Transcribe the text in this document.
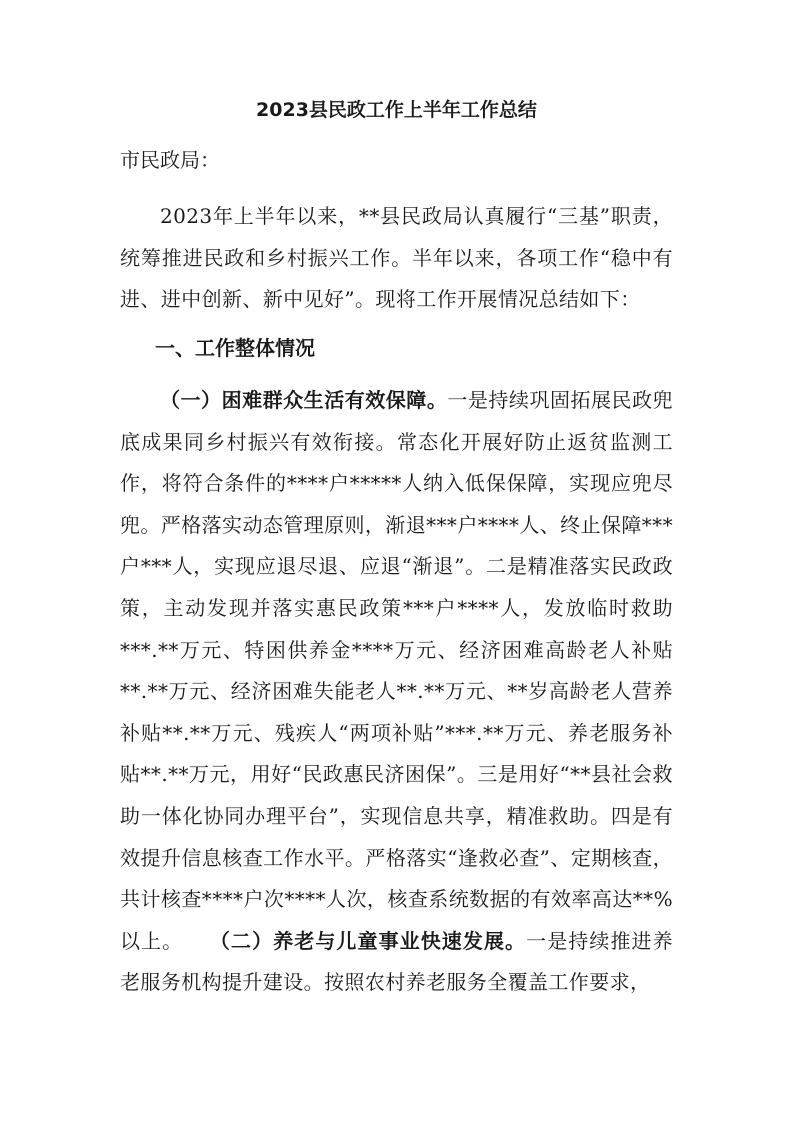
2023县民政工作上半年工作总结
市民政局：

2023年上半年以来，**县民政局认真履行“三基”职责，统筹推进民政和乡村振兴工作。半年以来，各项工作“稳中有进、进中创新、新中见好”。现将工作开展情况总结如下：

一、工作整体情况

（一）困难群众生活有效保障。一是持续巩固拓展民政兜底成果同乡村振兴有效衔接。常态化开展好防止返贫监测工作，将符合条件的****户*****人纳入低保保障，实现应兜尽兜。严格落实动态管理原则，渐退***户****人、终止保障***户***人，实现应退尽退、应退“渐退”。二是精准落实民政政策，主动发现并落实惠民政策***户****人，发放临时救助***.**万元、特困供养金****万元、经济困难高龄老人补贴**.**万元、经济困难失能老人**.**万元、**岁高龄老人营养补贴**.**万元、残疾人“两项补贴”***.**万元、养老服务补贴**.**万元，用好“民政惠民济困保”。三是用好“**县社会救助一体化协同办理平台”，实现信息共享，精准救助。四是有效提升信息核查工作水平。严格落实“逢救必查”、定期核查，共计核查****户次****人次，核查系统数据的有效率高达**%以上。 （二）养老与儿童事业快速发展。一是持续推进养老服务机构提升建设。按照农村养老服务全覆盖工作要求，
